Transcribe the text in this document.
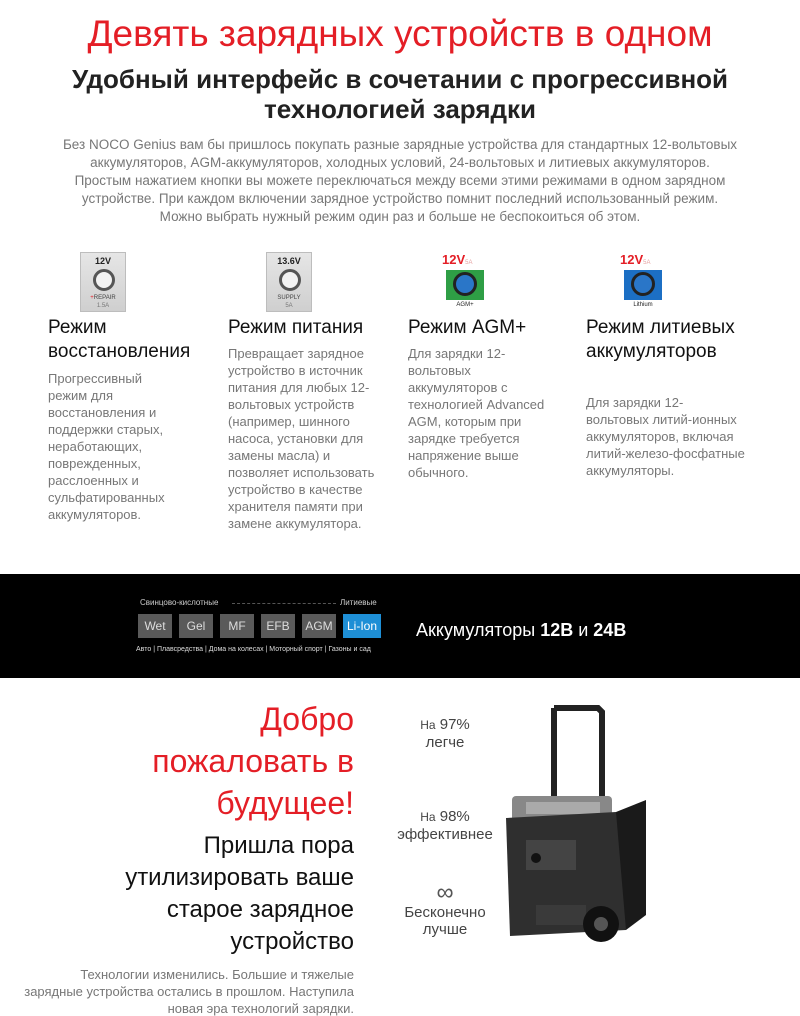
Девять зарядных устройств в одном
Удобный интерфейс в сочетании с прогрессивной технологией зарядки

Без NOCO Genius вам бы пришлось покупать разные зарядные устройства для стандартных 12-вольтовых аккумуляторов, AGM-аккумуляторов, холодных условий, 24-вольтовых и литиевых аккумуляторов. Простым нажатием кнопки вы можете переключаться между всеми этими режимами в одном зарядном устройстве. При каждом включении зарядное устройство помнит последний использованный режим. Можно выбрать нужный режим один раз и больше не беспокоиться об этом.

12V
+REPAIR
1.5A
Режим восстановления

Прогрессивный режим для восстановления и поддержки старых, неработающих, поврежденных, расслоенных и сульфатированных аккумуляторов.

13.6V
SUPPLY
5A
Режим питания

Превращает зарядное устройство в источник питания для любых 12-вольтовых устройств (например, шинного насоса, установки для замены масла) и позволяет использовать устройство в качестве хранителя памяти при замене аккумулятора.

12V5A
AGM+
Режим AGM+

Для зарядки 12-вольтовых аккумуляторов с технологией Advanced AGM, которым при зарядке требуется напряжение выше обычного.

12V5A
Lithium
Режим литиевых аккумуляторов

Для зарядки 12-вольтовых литий-ионных аккумуляторов, включая литий-железо-фосфатные аккумуляторы.

Свинцово-кислотные	Литиевые
Wet	Gel	MF	EFB	AGM	Li-Ion
Авто | Плавсредства | Дома на колесах | Моторный спорт | Газоны и сад
Аккумуляторы 12В и 24В
Добро пожаловать в будущее!
Пришла пора утилизировать ваше старое зарядное устройство
Технологии изменились. Большие и тяжелые зарядные устройства остались в прошлом. Наступила новая эра технологий зарядки.
На 97%
легче
На 98%
эффективнее
∞
Бесконечно лучше
